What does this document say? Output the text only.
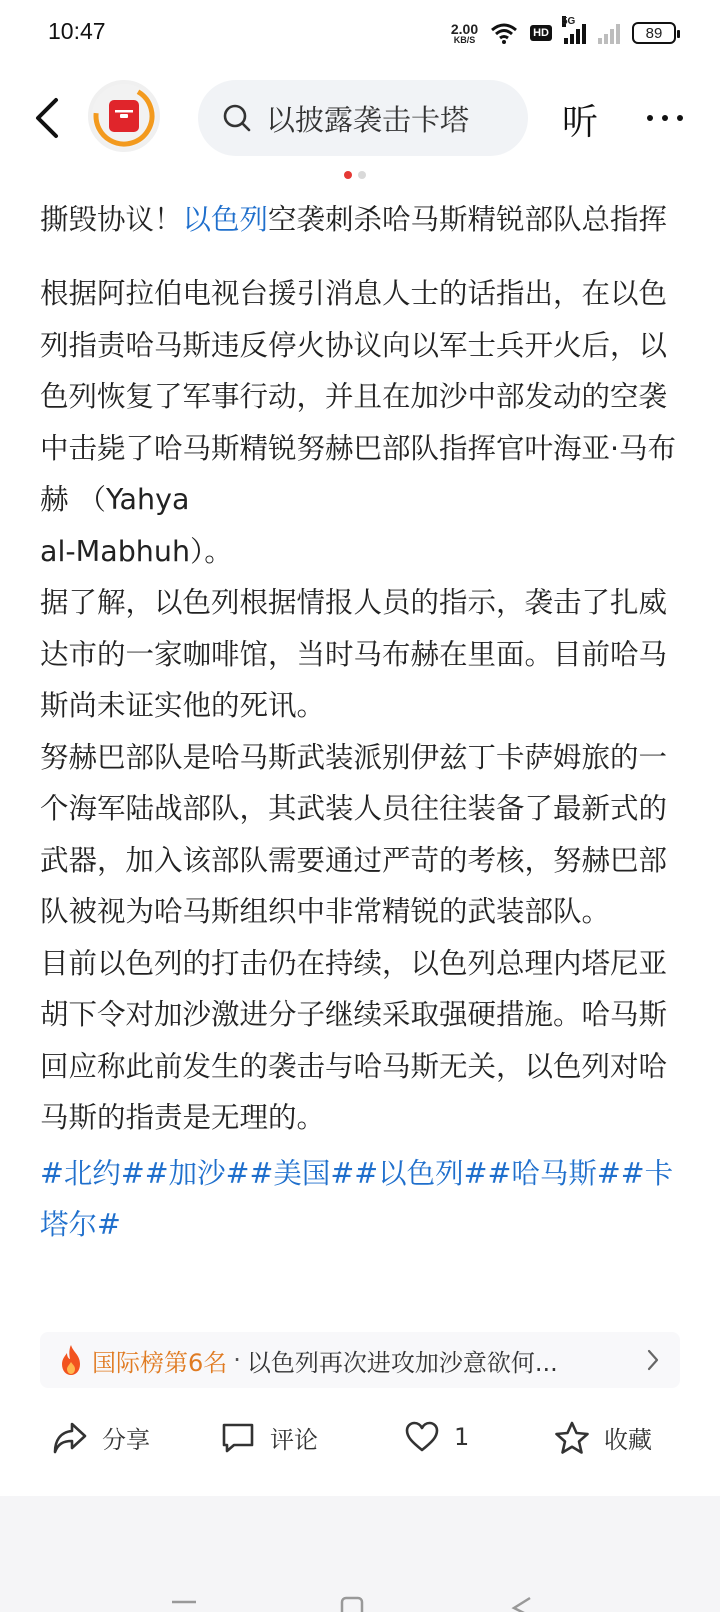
10:47	2.00
KB/S
HD
5G
89
以披露袭击卡塔	听
撕毁协议！以色列空袭刺杀哈马斯精锐部队总指挥
根据阿拉伯电视台援引消息人士的话指出，在以色列指责哈马斯违反停火协议向以军士兵开火后，以色列恢复了军事行动，并且在加沙中部发动的空袭中击毙了哈马斯精锐努赫巴部队指挥官叶海亚·马布赫 （Yahya
al-Mabhuh）。
据了解，以色列根据情报人员的指示，袭击了扎威达市的一家咖啡馆，当时马布赫在里面。目前哈马斯尚未证实他的死讯。
努赫巴部队是哈马斯武装派别伊兹丁卡萨姆旅的一个海军陆战部队，其武装人员往往装备了最新式的武器，加入该部队需要通过严苛的考核，努赫巴部队被视为哈马斯组织中非常精锐的武装部队。
目前以色列的打击仍在持续，以色列总理内塔尼亚胡下令对加沙激进分子继续采取强硬措施。哈马斯回应称此前发生的袭击与哈马斯无关，以色列对哈马斯的指责是无理的。
#北约##加沙##美国##以色列##哈马斯##卡塔尔#
国际榜第6名 · 以色列再次进攻加沙意欲何...
分享	评论	1	收藏
